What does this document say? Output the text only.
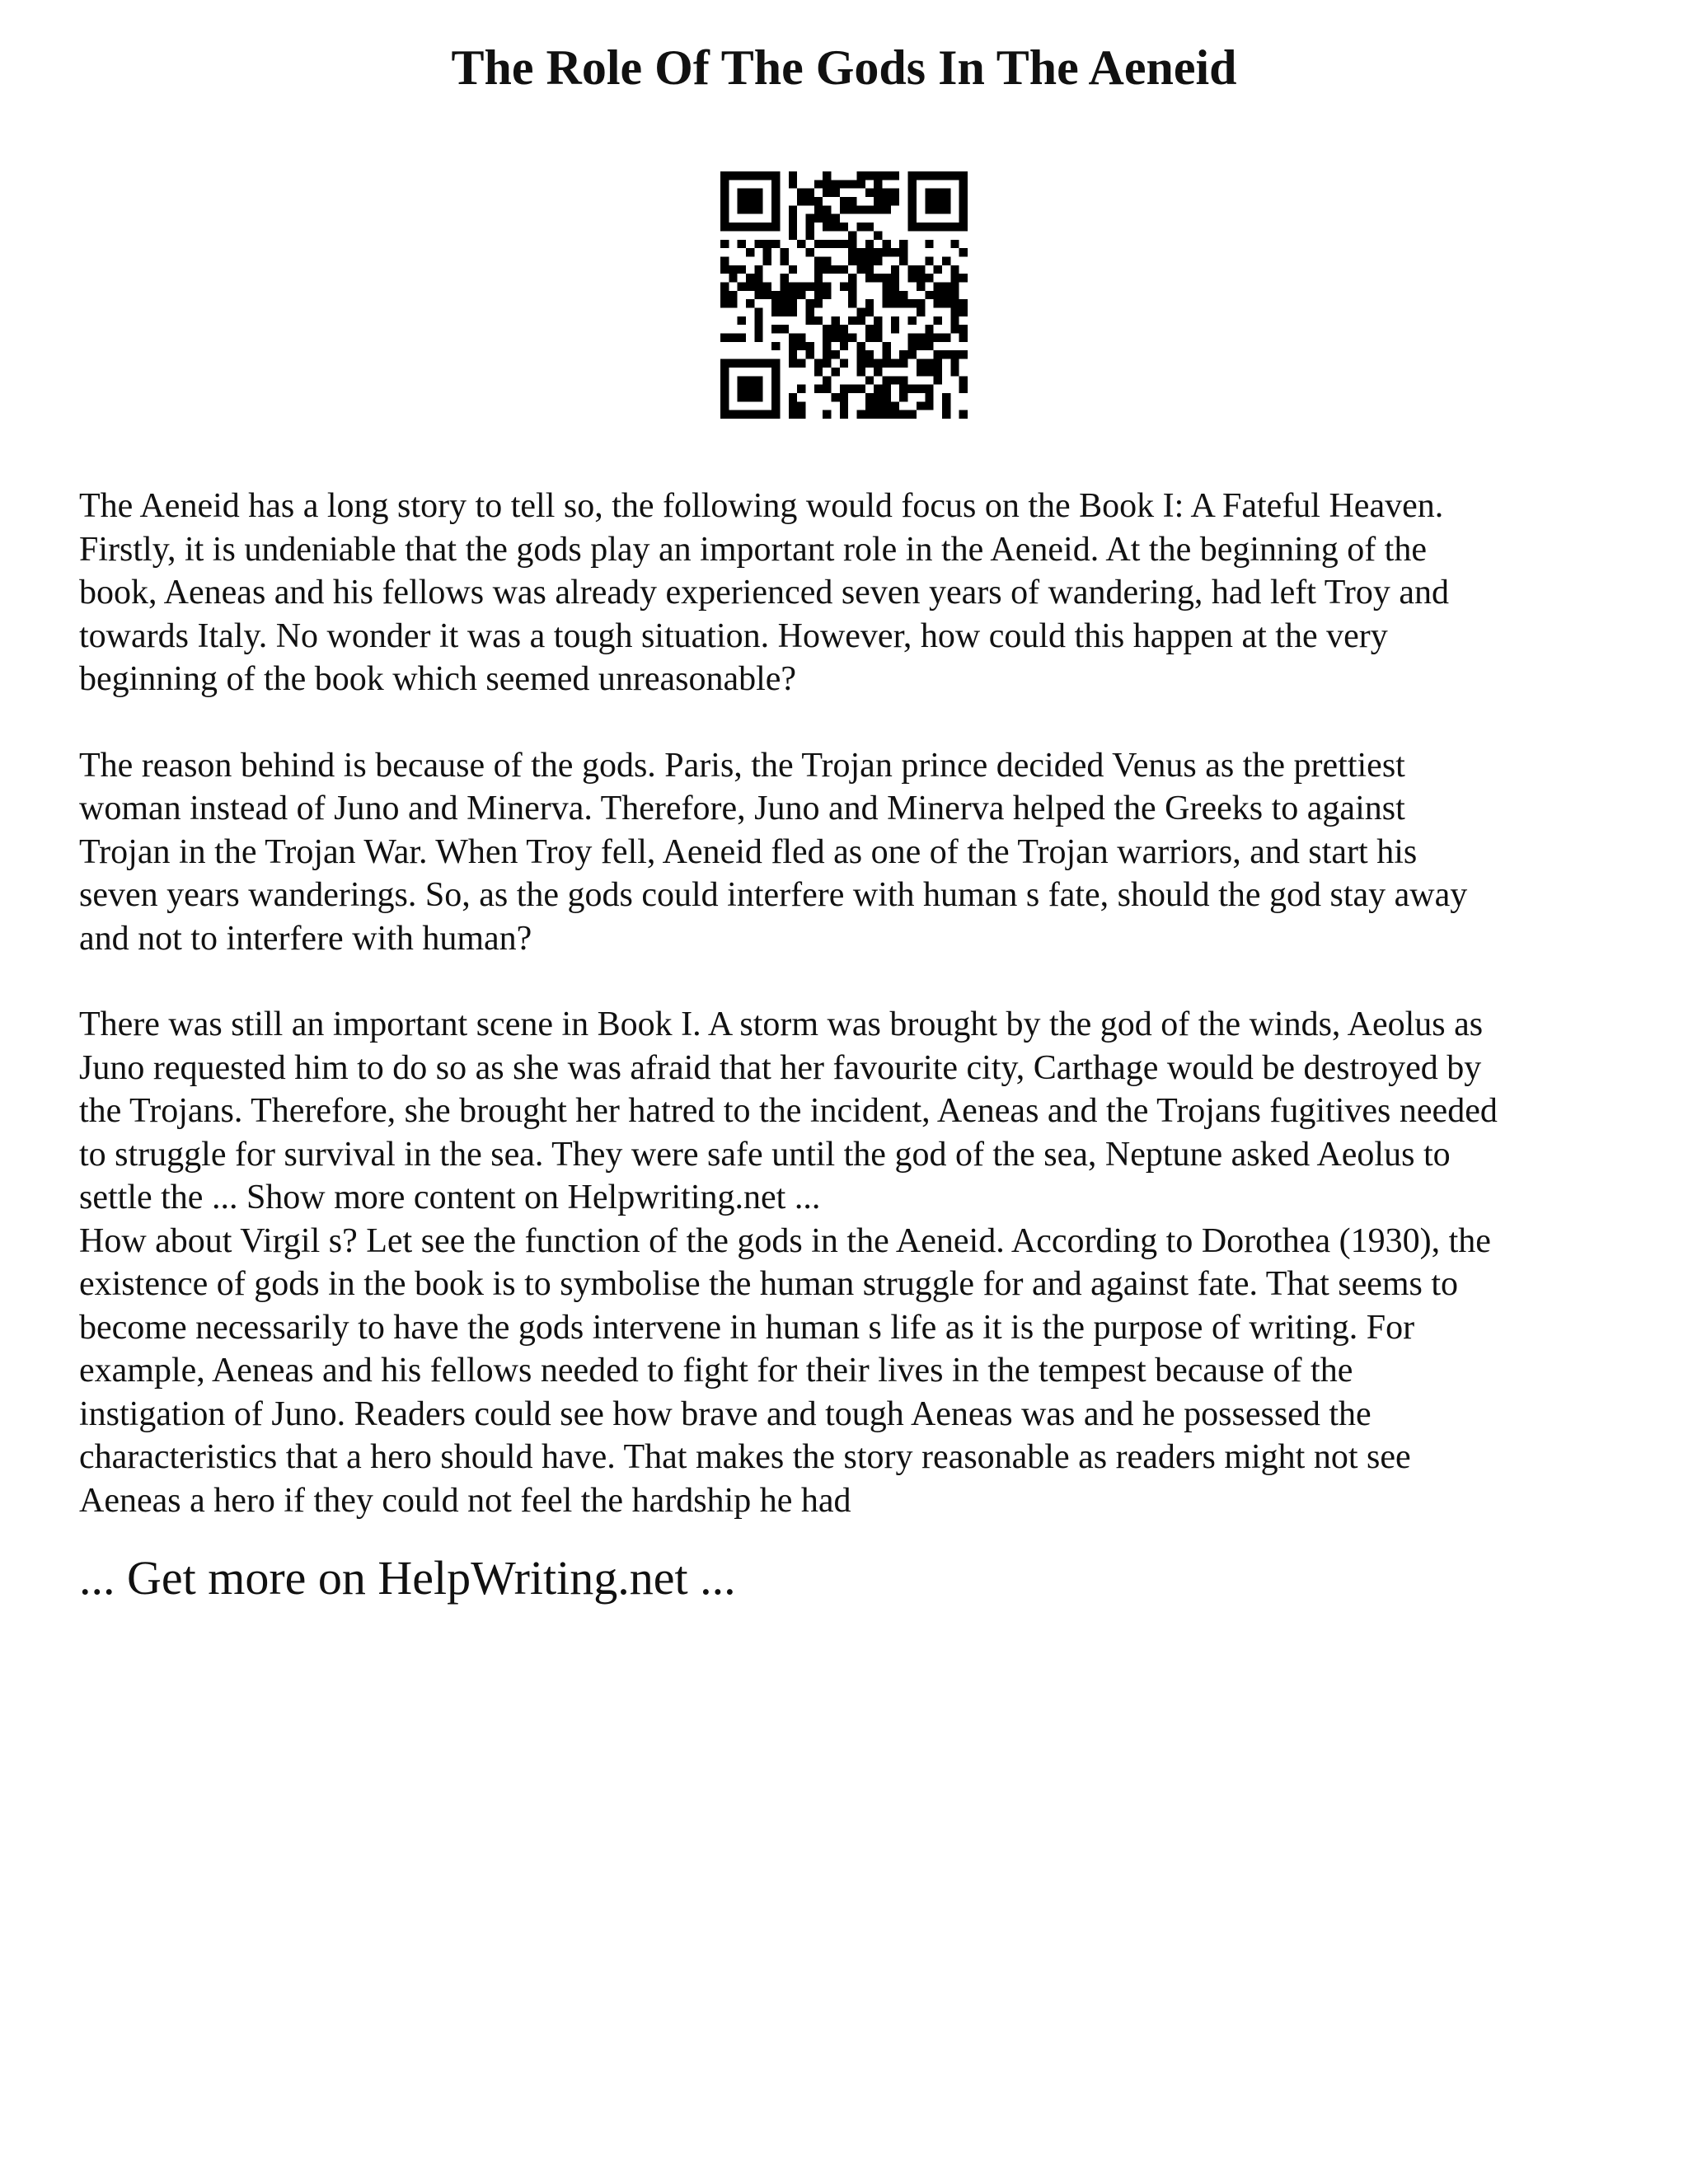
The Role Of The Gods In The Aeneid

The Aeneid has a long story to tell so, the following would focus on the Book I: A Fateful Heaven.
Firstly, it is undeniable that the gods play an important role in the Aeneid. At the beginning of the
book, Aeneas and his fellows was already experienced seven years of wandering, had left Troy and
towards Italy. No wonder it was a tough situation. However, how could this happen at the very
beginning of the book which seemed unreasonable?

The reason behind is because of the gods. Paris, the Trojan prince decided Venus as the prettiest
woman instead of Juno and Minerva. Therefore, Juno and Minerva helped the Greeks to against
Trojan in the Trojan War. When Troy fell, Aeneid fled as one of the Trojan warriors, and start his
seven years wanderings. So, as the gods could interfere with human s fate, should the god stay away
and not to interfere with human?

There was still an important scene in Book I. A storm was brought by the god of the winds, Aeolus as
Juno requested him to do so as she was afraid that her favourite city, Carthage would be destroyed by
the Trojans. Therefore, she brought her hatred to the incident, Aeneas and the Trojans fugitives needed
to struggle for survival in the sea. They were safe until the god of the sea, Neptune asked Aeolus to
settle the ... Show more content on Helpwriting.net ...

How about Virgil s? Let see the function of the gods in the Aeneid. According to Dorothea (1930), the
existence of gods in the book is to symbolise the human struggle for and against fate. That seems to
become necessarily to have the gods intervene in human s life as it is the purpose of writing. For
example, Aeneas and his fellows needed to fight for their lives in the tempest because of the
instigation of Juno. Readers could see how brave and tough Aeneas was and he possessed the
characteristics that a hero should have. That makes the story reasonable as readers might not see
Aeneas a hero if they could not feel the hardship he had

... Get more on HelpWriting.net ...
